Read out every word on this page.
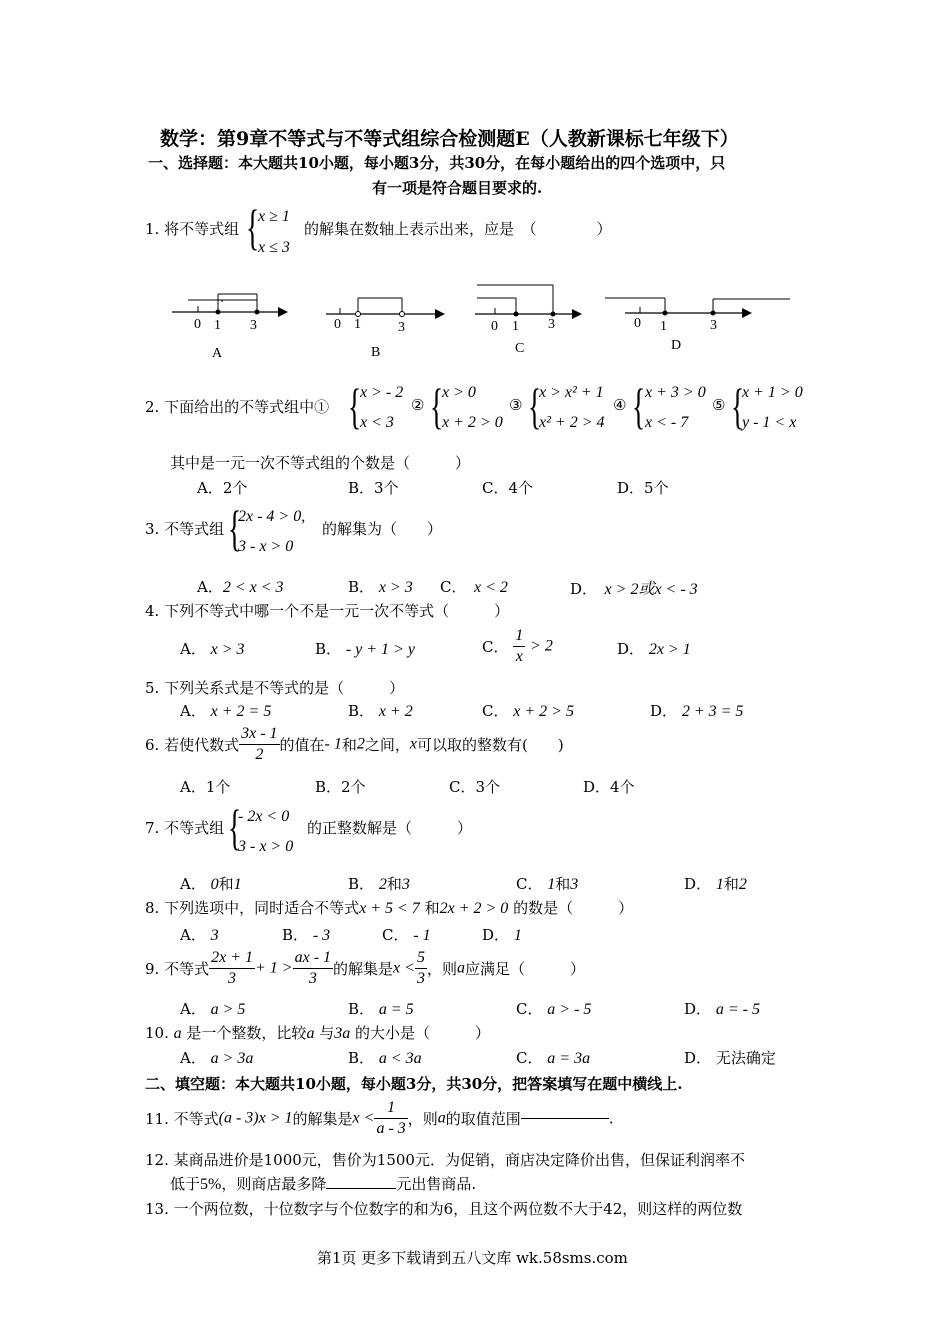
数学：第9章不等式与不等式组综合检测题E（人教新课标七年级下）
一、选择题：本大题共10小题，每小题3分，共30分，在每小题给出的四个选项中，只
有一项是符合题目要求的.
1. 将不等式组 {
x ≥ 1
x ≤ 3
的解集在数轴上表示出来，应是　（　　　　）
0 1 3
A
0 1	3
B
0 1 3
C
0 1	3
D
2. 下面给出的不等式组中① {
x > - 2
x < 3
② {
x > 0
x + 2 > 0
③ {
x > x² + 1
x² + 2 > 4
④ { x + 3 > 0
x < - 7
⑤ {
x + 1 > 0
y - 1 < x
其中是一元一次不等式组的个数是（　　　）
A．2个	B．3个	C．4个	D．5个
3. 不等式组 {
2x - 4 > 0,
3 - x > 0
的解集为（　　）
A．2 < x < 3	B． x > 3 C．　 x < 2	D．　 x > 2或x < - 3
4. 下列不等式中哪一个不是一元一次不等式（　　　）
A． x > 3	B． - y + 1 > y	C． $\frac{1}{x} > 2$	D． 2x > 1
5. 下列关系式是不等式的是（　　　）
A． x + 2 = 5	B． x + 2	C． x + 2 > 5	D． 2 + 3 = 5
6. 若使代数式 $\frac{3x - 1}{2}$ 的值在- 1和2之间，x可以取的整数有(　　)
A．1个	B．2个	C．3个	D．4个
7. 不等式组 {
- 2x < 0
3 - x > 0
的正整数解是（　　　）
A． 0和1	B． 2和3	C． 1和3	D． 1和2
8. 下列选项中，同时适合不等式x + 5 < 7 和2x + 2 > 0 的数是（　　　）
A． 3	B． - 3	C． - 1	D． 1
9. 不等式 $\frac{2x + 1}{3} + 1 > \frac{ax - 1}{3}$ 的解集是$x < \frac{5}{3}$ ，则a应满足（　　　）
A． a > 5	B． a = 5	C． a > - 5	D． a = - 5
10. a 是一个整数，比较a 与3a 的大小是（　　　）
A． a > 3a	B． a < 3a	C． a = 3a	D． 无法确定
二、填空题：本大题共10小题，每小题3分，共30分，把答案填写在题中横线上.
11. 不等式(a - 3)x > 1的解集是$x < \frac{1}{a - 3}$ ，则a的取值范围	.
12. 某商品进价是1000元，售价为1500元．为促销，商店决定降价出售，但保证利润率不
低于5%，则商店最多降	元出售商品.
13. 一个两位数，十位数字与个位数字的和为6，且这个两位数不大于42，则这样的两位数
第1页 更多下载请到五八文库 wk.58sms.com
